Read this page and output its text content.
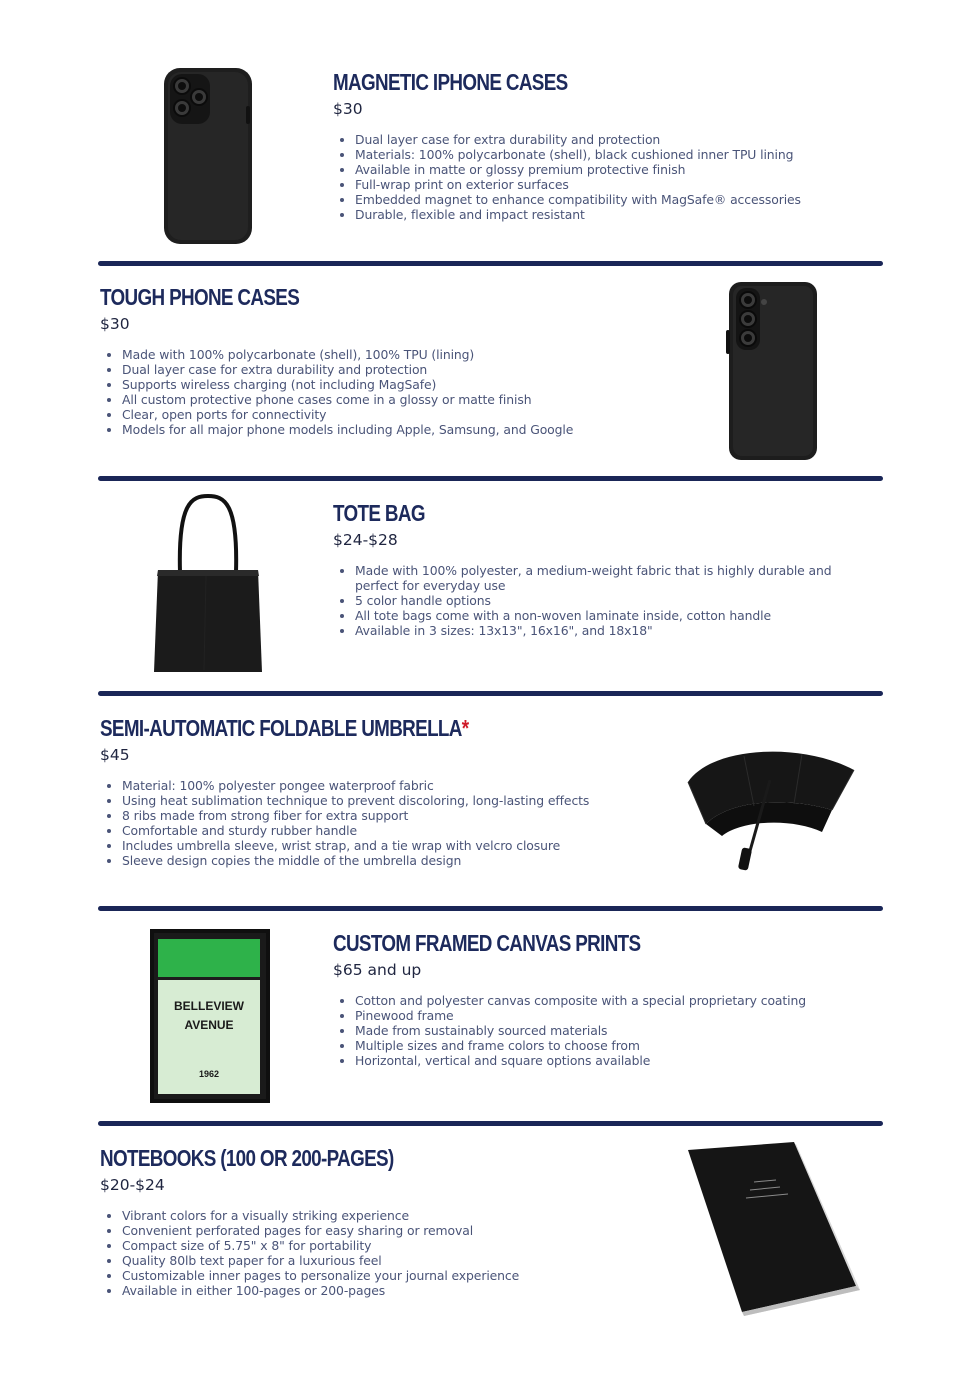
MAGNETIC IPHONE CASES

$30

• Dual layer case for extra durability and protection
• Materials: 100% polycarbonate (shell), black cushioned inner TPU lining
• Available in matte or glossy premium protective finish
• Full-wrap print on exterior surfaces
• Embedded magnet to enhance compatibility with MagSafe® accessories
• Durable, flexible and impact resistant
TOUGH PHONE CASES

$30

• Made with 100% polycarbonate (shell), 100% TPU (lining)
• Dual layer case for extra durability and protection
• Supports wireless charging (not including MagSafe)
• All custom protective phone cases come in a glossy or matte finish
• Clear, open ports for connectivity
• Models for all major phone models including Apple, Samsung, and Google
TOTE BAG

$24-$28

• Made with 100% polyester, a medium-weight fabric that is highly durable and perfect for everyday use
• 5 color handle options
• All tote bags come with a non-woven laminate inside, cotton handle
• Available in 3 sizes: 13x13", 16x16", and 18x18"
SEMI-AUTOMATIC FOLDABLE UMBRELLA*

$45

• Material: 100% polyester pongee waterproof fabric
• Using heat sublimation technique to prevent discoloring, long-lasting effects
• 8 ribs made from strong fiber for extra support
• Comfortable and sturdy rubber handle
• Includes umbrella sleeve, wrist strap, and a tie wrap with velcro closure
• Sleeve design copies the middle of the umbrella design
BELLEVIEW
AVENUE
1962
CUSTOM FRAMED CANVAS PRINTS

$65 and up

• Cotton and polyester canvas composite with a special proprietary coating
• Pinewood frame
• Made from sustainably sourced materials
• Multiple sizes and frame colors to choose from
• Horizontal, vertical and square options available
NOTEBOOKS (100 OR 200-PAGES)

$20-$24

• Vibrant colors for a visually striking experience
• Convenient perforated pages for easy sharing or removal
• Compact size of 5.75" x 8" for portability
• Quality 80lb text paper for a luxurious feel
• Customizable inner pages to personalize your journal experience
• Available in either 100-pages or 200-pages
